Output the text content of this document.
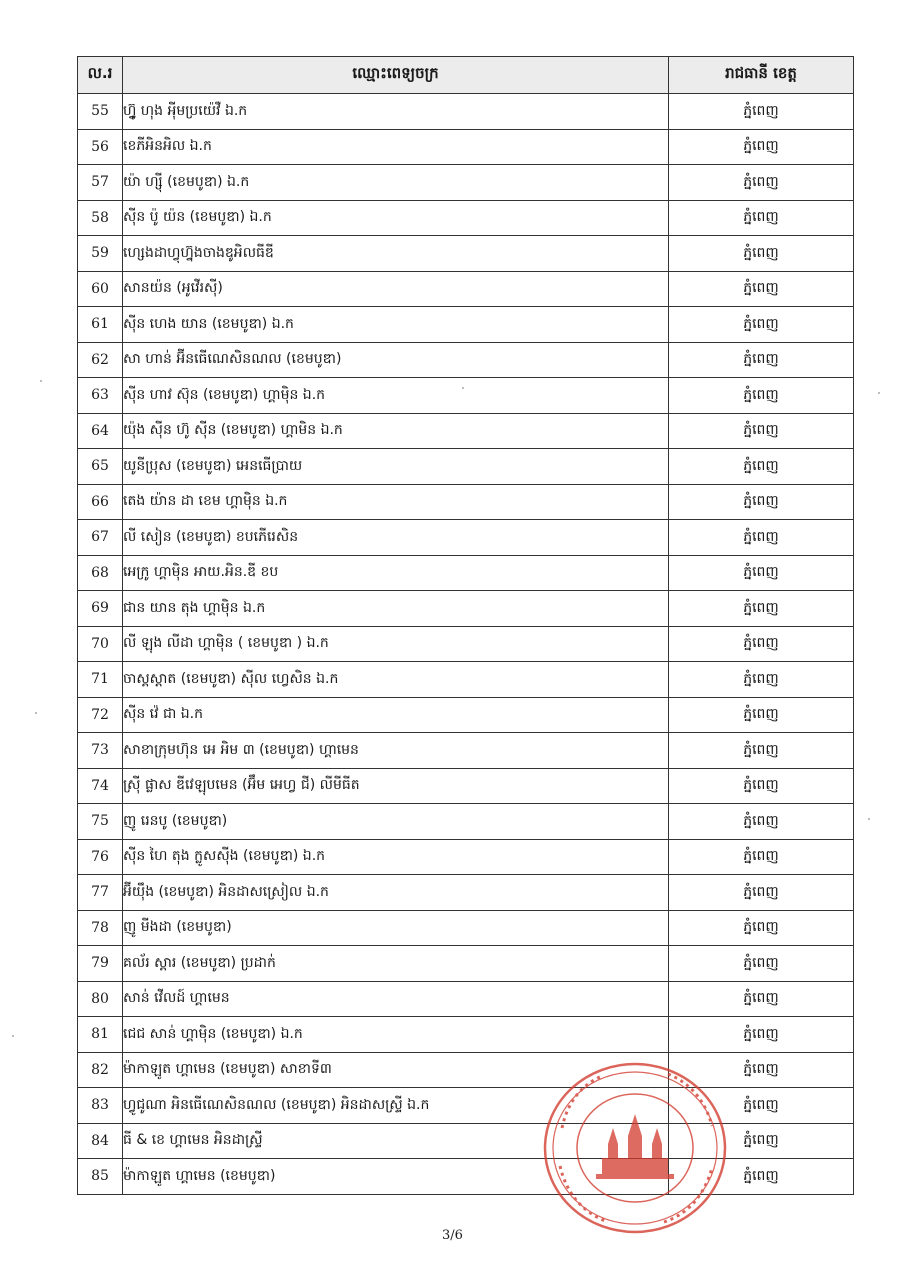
ល.រ	ឈ្មោះពេទ្យចក្រ	រាជធានី ខេត្ត
55	ហ្វ៊ូ ហុង អុីមប្រយ៉េវឺ ឯ.ក	ភ្នំពេញ
56	ខេភីអិនអិល ឯ.ក	ភ្នំពេញ
57	យ៉ា ហ្ស៊ី (ខេមបូឌា) ឯ.ក	ភ្នំពេញ
58	ស៊ីន ប៉ូ យ៉ន (ខេមបូឌា) ឯ.ក	ភ្នំពេញ
59	ហ្សេងដាហ្វុហ្វ៊ុងចាងឌូអិលធីឌី	ភ្នំពេញ
60	សានយ៉ន (អូវើរស៊ី)	ភ្នំពេញ
61	ស៊ីន ហេង យាន (ខេមបូឌា) ឯ.ក	ភ្នំពេញ
62	សា ហាន់ អ៊ីនធើណេសិនណល (ខេមបូឌា)	ភ្នំពេញ
63	ស៊ីន ហាវ ស៊ុន (ខេមបូឌា) ហ្គាម៉ិន ឯ.ក	ភ្នំពេញ
64	យ៉ុង ស៊ីន ហ៊ូ ស៊ីន (ខេមបូឌា) ហ្គាមិន ឯ.ក	ភ្នំពេញ
65	យូនីប្រុស (ខេមបូឌា) អេនធើប្រាយ	ភ្នំពេញ
66	តេង យ៉ាន ដា ខេម ហ្គាម៉ិន ឯ.ក	ភ្នំពេញ
67	លី សៀន (ខេមបូឌា) ខបភើរេសិន	ភ្នំពេញ
68	អេក្រូ ហ្គាម៉ិន អាយ.អិន.ឌី ខប	ភ្នំពេញ
69	ជាន យាន តុង ហ្គាម៉ិន ឯ.ក	ភ្នំពេញ
70	លី ឡុង លីដា ហ្គាម៉ិន ( ខេមបូឌា ) ឯ.ក	ភ្នំពេញ
71	ចាស្តស្តាត (ខេមបូឌា) ស៊ីល ហ្វេសិន ឯ.ក	ភ្នំពេញ
72	ស៊ីន វ៉េ ជា ឯ.ក	ភ្នំពេញ
73	សាខាក្រុមហ៊ុន អេ អិម ៣ (ខេមបូឌា) ហ្គាមេន	ភ្នំពេញ
74	ស្រ៊ី ផ្លាស ឌីវេឡុបមេន (អ៊ឹម អេហ្វ ជី) លីមីធីត	ភ្នំពេញ
75	ញូ រេនបូ (ខេមបូឌា)	ភ្នំពេញ
76	ស៊ីន ហៃ តុង ក្លូសស៊ីង (ខេមបូឌា) ឯ.ក	ភ្នំពេញ
77	អ៊ីយ៉ឹង (ខេមបូឌា) អិនដាសស្រៀល ឯ.ក	ភ្នំពេញ
78	ញូ មីងដា (ខេមបូឌា)	ភ្នំពេញ
79	គល័រ ស្តារ (ខេមបូឌា) ប្រដាក់	ភ្នំពេញ
80	សាន់ វើលដ៍ ហ្គាមេន	ភ្នំពេញ
81	ជេជ សាន់ ហ្គាម៉ិន (ខេមបូឌា) ឯ.ក	ភ្នំពេញ
82	ម៉ាកាឡូត ហ្គាមេន (ខេមបូឌា) សាខាទី៣	ភ្នំពេញ
83	ហ្វូជូណា អិនធើណេសិនណល (ខេមបូឌា) អិនដាសស្ទ្រី ឯ.ក	ភ្នំពេញ
84	ធី & ខេ ហ្គាមេន អិនដាស្ទ្រី	ភ្នំពេញ
85	ម៉ាកាឡូត ហ្គាមេន (ខេមបូឌា)	ភ្នំពេញ
3/6
